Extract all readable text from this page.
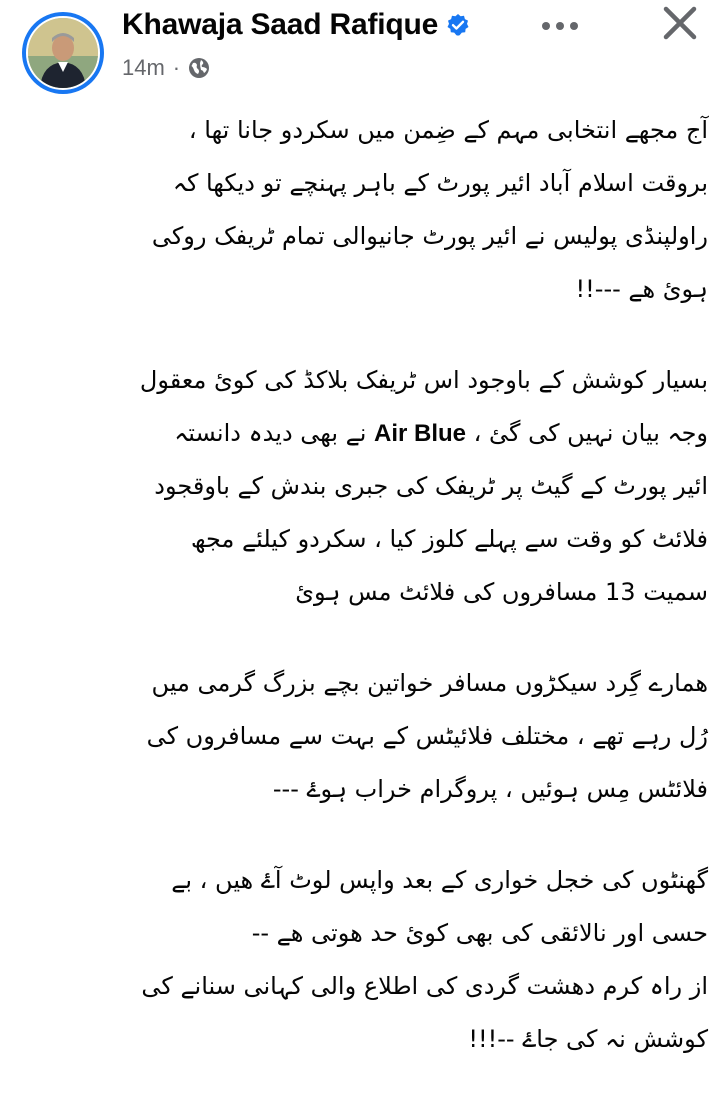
Khawaja Saad Rafique
14m ·
آج مجھے انتخابی مہم کے ضِمن میں سکردو جانا تھا ،
بروقت اسلام آباد ائیر پورٹ کے باہر پہنچے تو دیکھا کہ
راولپنڈی پولیس نے ائیر پورٹ جانیوالی تمام ٹریفک روکی
ہوئ ھے ---!!
بسیار کوشش کے باوجود اس ٹریفک بلاکڈ کی کوئ معقول
وجہ بیان نہیں کی گئ ، Air Blue نے بھی دیدہ دانستہ
ائیر پورٹ کے گیٹ پر ٹریفک کی جبری بندش کے باوقجود
فلائٹ کو وقت سے پہلے کلوز کیا ، سکردو کیلئے مجھ
سمیت 13 مسافروں کی فلائٹ مس ہوئ
ھمارے گِرد سیکڑوں مسافر خواتین بچے بزرگ گرمی میں
رُل رہے تھے ، مختلف فلائیٹس کے بہت سے مسافروں کی
فلائٹس مِس ہوئیں ، پروگرام خراب ہوۓ ---
گھنٹوں کی خجل خواری کے بعد واپس لوٹ آۓ ھیں ، بے
حسی اور نالائقی کی بھی کوئ حد ھوتی ھے --
از راہ کرم دھشت گردی کی اطلاع والی کہانی سنانے کی
کوشش نہ کی جاۓ --!!!
